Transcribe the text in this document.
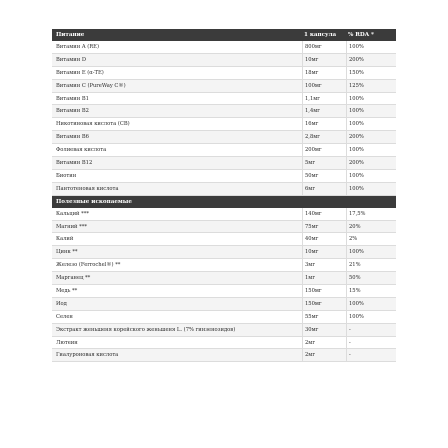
Питание	1 капсула	% RDA *
Витамин A (RE)	800мг	100%
Витамин D	10мг	200%
Витамин E (α-TE)	18мг	150%
Витамин C (PureWay C®)	100мг	125%
Витамин B1	1,1мг	100%
Витамин B2	1,4мг	100%
Никотиновая кислота (CB)	16мг	100%
Витамин B6	2,8мг	200%
Фолиевая кислота	200мг	100%
Витамин B12	5мг	200%
Биотин	50мг	100%
Пантотеновая кислота	6мг	100%
Полезные ископаемые
Кальций ***	140мг	17,5%
Магний ***	75мг	20%
Калий	40мг	2%
Цинк **	10мг	100%
Железо (Ferrochel®) **	3мг	21%
Марганец **	1мг	50%
Медь **	150мг	15%
Йод	150мг	100%
Селен	55мг	100%
Экстракт женьшеня корейского женьшеня L. (7% гинзенозидов)	30мг	-
Лютеин	2мг	-
Гиалуроновая кислота	2мг	-
